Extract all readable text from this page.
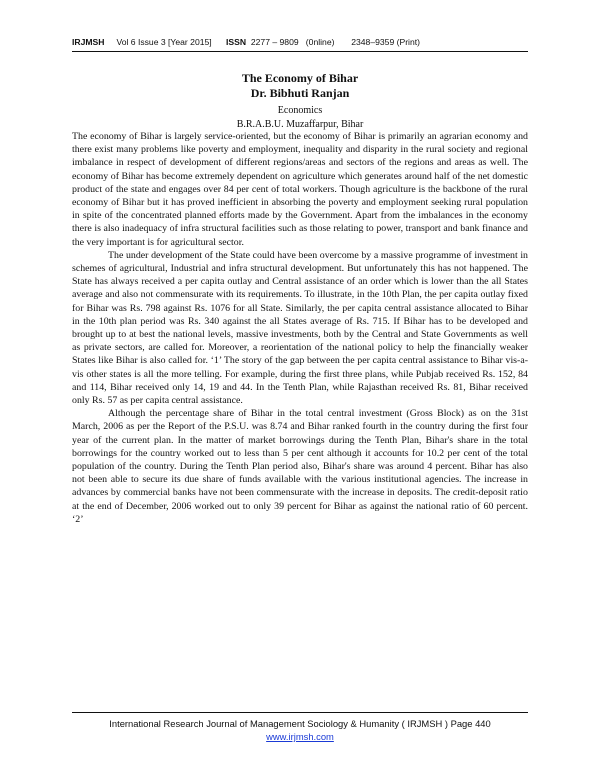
IRJMSH
Vol 6 Issue 3 [Year 2015]
ISSN
2277 – 9809   (0nline)
2348–9359 (Print)
The Economy of Bihar
Dr. Bibhuti Ranjan
Economics
B.R.A.B.U. Muzaffarpur, Bihar

The economy of Bihar is largely service-oriented, but the economy of Bihar is primarily an agrarian economy and there exist many problems like poverty and employment, inequality and disparity in the rural society and regional imbalance in respect of development of different regions/areas and sectors of the regions and areas as well. The economy of Bihar has become extremely dependent on agriculture which generates around half of the net domestic product of the state and engages over 84 per cent of total workers. Though agriculture is the backbone of the rural economy of Bihar but it has proved inefficient in absorbing the poverty and employment seeking rural population in spite of the concentrated planned efforts made by the Government. Apart from the imbalances in the economy there is also inadequacy of infra structural facilities such as those relating to power, transport and bank finance and the very important is for agricultural sector.

The under development of the State could have been overcome by a massive programme of investment in schemes of agricultural, Industrial and infra structural development. But unfortunately this has not happened. The State has always received a per capita outlay and Central assistance of an order which is lower than the all States average and also not commensurate with its requirements. To illustrate, in the 10th Plan, the per capita outlay fixed for Bihar was Rs. 798 against Rs. 1076 for all State. Similarly, the per capita central assistance allocated to Bihar in the 10th plan period was Rs. 340 against the all States average of Rs. 715. If Bihar has to be developed and brought up to at best the national levels, massive investments, both by the Central and State Governments as well as private sectors, are called for. Moreover, a reorientation of the national policy to help the financially weaker States like Bihar is also called for. ‘1’ The story of the gap between the per capita central assistance to Bihar vis-a-vis other states is all the more telling. For example, during the first three plans, while Pubjab received Rs. 152, 84 and 114, Bihar received only 14, 19 and 44. In the Tenth Plan, while Rajasthan received Rs. 81, Bihar received only Rs. 57 as per capita central assistance.

Although the percentage share of Bihar in the total central investment (Gross Block) as on the 31st March, 2006 as per the Report of the P.S.U. was 8.74 and Bihar ranked fourth in the country during the first four year of the current plan. In the matter of market borrowings during the Tenth Plan, Bihar's share in the total borrowings for the country worked out to less than 5 per cent although it accounts for 10.2 per cent of the total population of the country. During the Tenth Plan period also, Bihar's share was around 4 percent. Bihar has also not been able to secure its due share of funds available with the various institutional agencies. The increase in advances by commercial banks have not been commensurate with the increase in deposits. The credit-deposit ratio at the end of December, 2006 worked out to only 39 percent for Bihar as against the national ratio of 60 percent. ‘2’

International Research Journal of Management Sociology & Humanity ( IRJMSH ) Page 440
www.irjmsh.com
